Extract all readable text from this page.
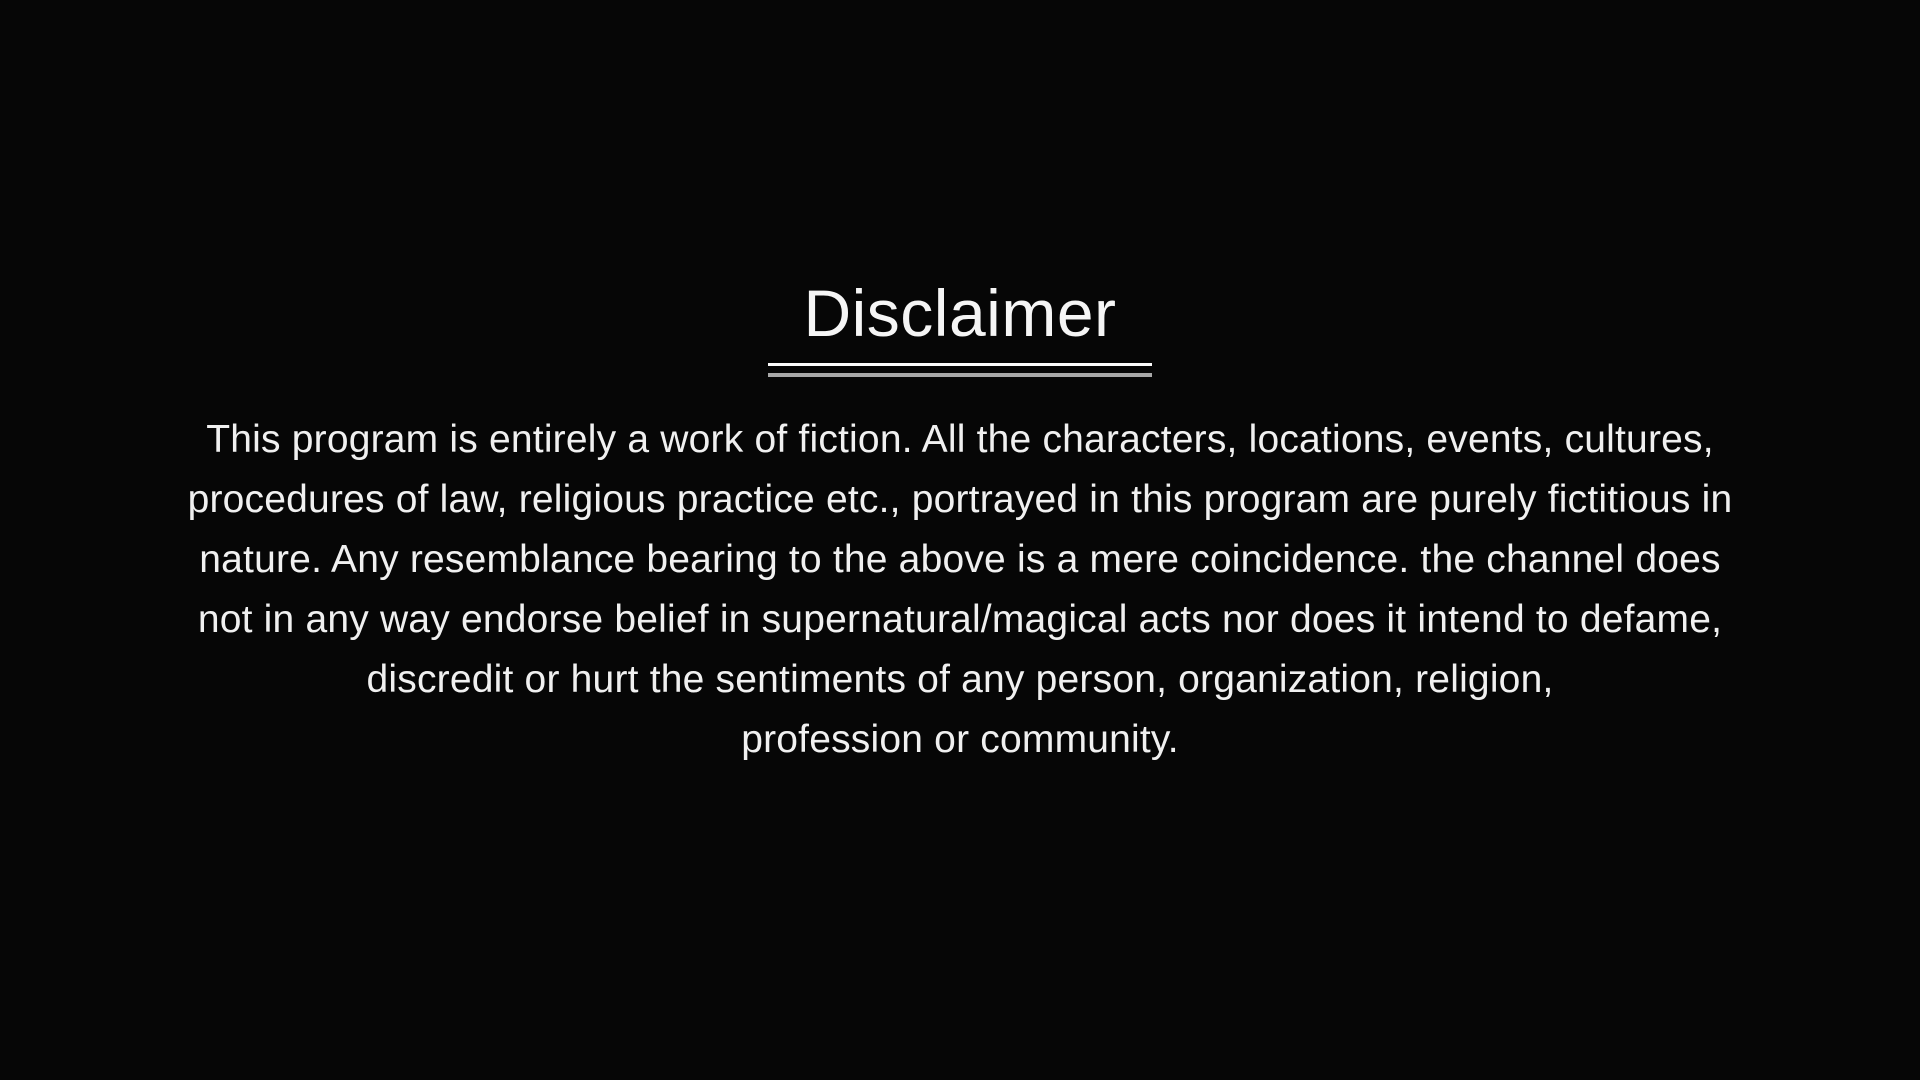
Disclaimer
This program is entirely a work of fiction. All the characters, locations, events, cultures,
procedures of law, religious practice etc., portrayed in this program are purely fictitious in
nature. Any resemblance bearing to the above is a mere coincidence. the channel does
not in any way endorse belief in supernatural/magical acts nor does it intend to defame,
discredit or hurt the sentiments of any person, organization, religion,
profession or community.
